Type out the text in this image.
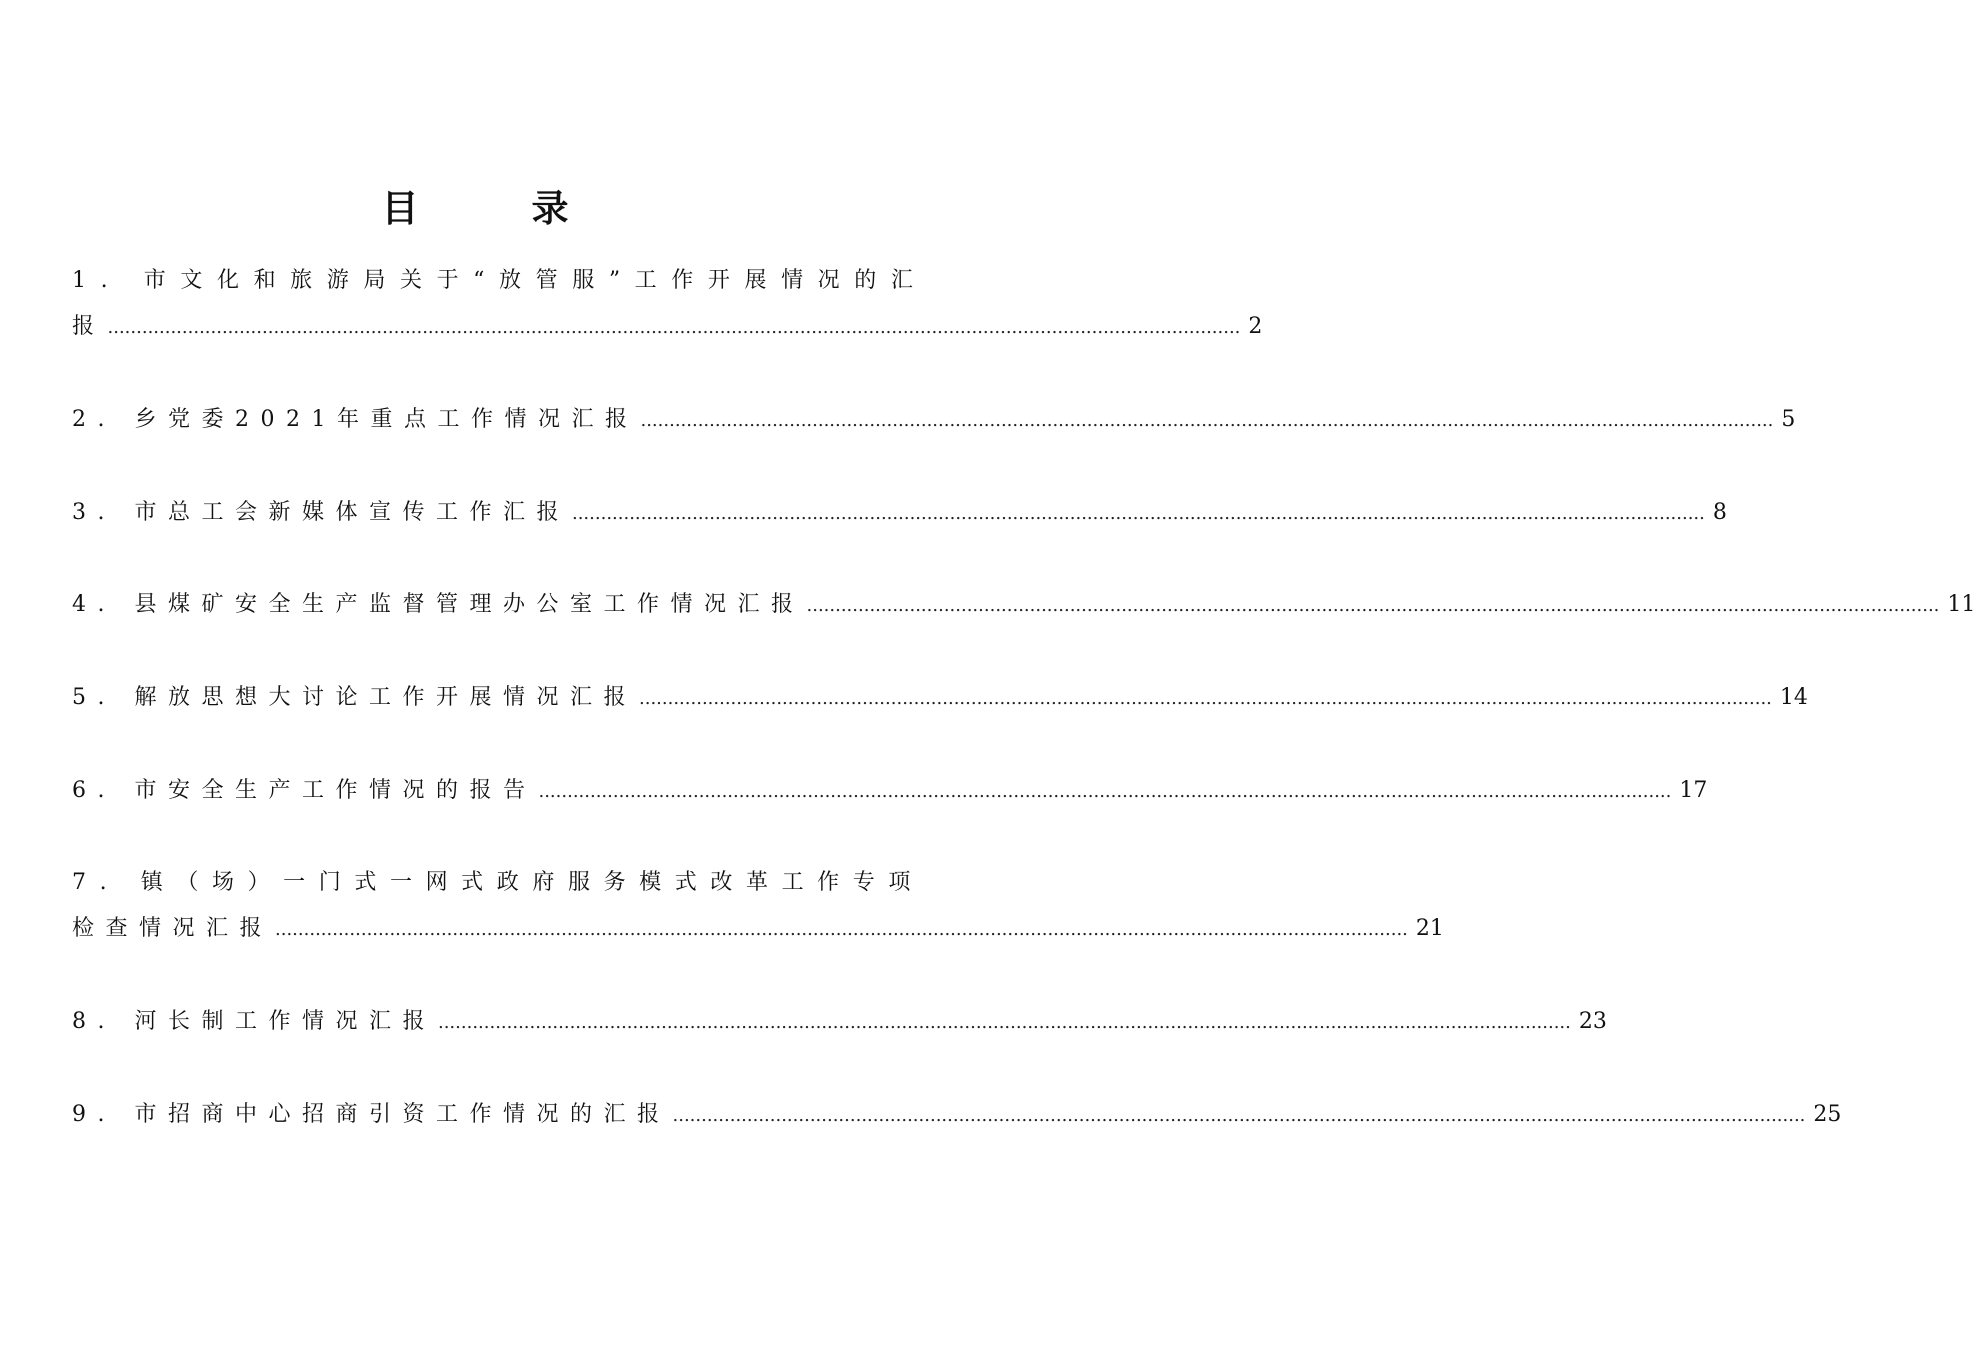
目　录
1. 市文化和旅游局关于“放管服”工作开展情况的汇
报 ...................................................................................................................................................................................................... 2
2. 乡党委2021年重点工作情况汇报 ...................................................................................................................................................................................................... 5
3. 市总工会新媒体宣传工作汇报 ...................................................................................................................................................................................................... 8
4. 县煤矿安全生产监督管理办公室工作情况汇报 ...................................................................................................................................................................................................... 11
5. 解放思想大讨论工作开展情况汇报 ...................................................................................................................................................................................................... 14
6. 市安全生产工作情况的报告 ...................................................................................................................................................................................................... 17
7. 镇（场）一门式一网式政府服务模式改革工作专项
检查情况汇报 ...................................................................................................................................................................................................... 21
8. 河长制工作情况汇报 ...................................................................................................................................................................................................... 23
9. 市招商中心招商引资工作情况的汇报 ...................................................................................................................................................................................................... 25
